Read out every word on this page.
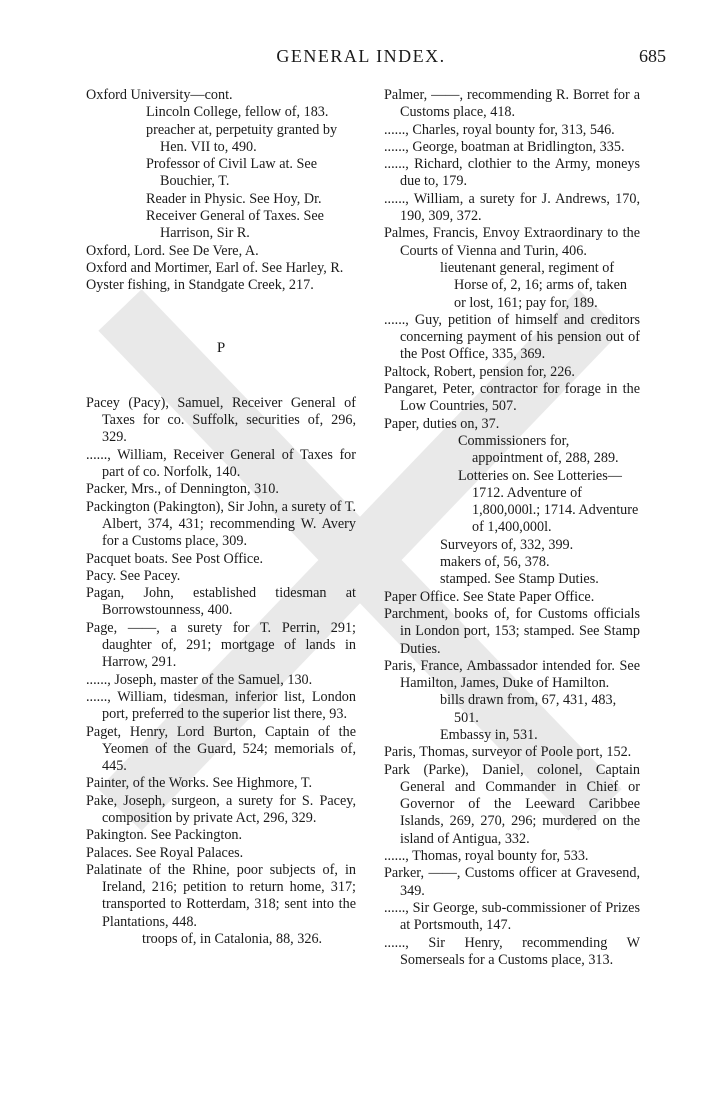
GENERAL INDEX.	685
Oxford University—cont.
Lincoln College, fellow of, 183.
preacher at, perpetuity granted by Hen. VII to, 490.
Professor of Civil Law at. See Bouchier, T.
Reader in Physic. See Hoy, Dr.
Receiver General of Taxes. See Harrison, Sir R.
Oxford, Lord. See De Vere, A.
Oxford and Mortimer, Earl of. See Harley, R.
Oyster fishing, in Standgate Creek, 217.
P
Pacey (Pacy), Samuel, Receiver General of Taxes for co. Suffolk, securities of, 296, 329.
......, William, Receiver General of Taxes for part of co. Norfolk, 140.
Packer, Mrs., of Dennington, 310.
Packington (Pakington), Sir John, a surety of T. Albert, 374, 431; recommending W. Avery for a Customs place, 309.
Pacquet boats. See Post Office.
Pacy. See Pacey.
Pagan, John, established tidesman at Borrowstounness, 400.
Page, ——, a surety for T. Perrin, 291; daughter of, 291; mortgage of lands in Harrow, 291.
......, Joseph, master of the Samuel, 130.
......, William, tidesman, inferior list, London port, preferred to the superior list there, 93.
Paget, Henry, Lord Burton, Captain of the Yeomen of the Guard, 524; memorials of, 445.
Painter, of the Works. See Highmore, T.
Pake, Joseph, surgeon, a surety for S. Pacey, composition by private Act, 296, 329.
Pakington. See Packington.
Palaces. See Royal Palaces.
Palatinate of the Rhine, poor subjects of, in Ireland, 216; petition to return home, 317; transported to Rotterdam, 318; sent into the Plantations, 448.
troops of, in Catalonia, 88, 326.
Palmer, ——, recommending R. Borret for a Customs place, 418.
......, Charles, royal bounty for, 313, 546.
......, George, boatman at Bridlington, 335.
......, Richard, clothier to the Army, moneys due to, 179.
......, William, a surety for J. Andrews, 170, 190, 309, 372.
Palmes, Francis, Envoy Extraordinary to the Courts of Vienna and Turin, 406.
lieutenant general, regiment of Horse of, 2, 16; arms of, taken or lost, 161; pay for, 189.
......, Guy, petition of himself and creditors concerning payment of his pension out of the Post Office, 335, 369.
Paltock, Robert, pension for, 226.
Pangaret, Peter, contractor for forage in the Low Countries, 507.
Paper, duties on, 37.
Commissioners for, appointment of, 288, 289.
Lotteries on. See Lotteries—1712. Adventure of 1,800,000l.; 1714. Adventure of 1,400,000l.
Surveyors of, 332, 399.
makers of, 56, 378.
stamped. See Stamp Duties.
Paper Office. See State Paper Office.
Parchment, books of, for Customs officials in London port, 153; stamped. See Stamp Duties.
Paris, France, Ambassador intended for. See Hamilton, James, Duke of Hamilton.
bills drawn from, 67, 431, 483, 501.
Embassy in, 531.
Paris, Thomas, surveyor of Poole port, 152.
Park (Parke), Daniel, colonel, Captain General and Commander in Chief or Governor of the Leeward Caribbee Islands, 269, 270, 296; murdered on the island of Antigua, 332.
......, Thomas, royal bounty for, 533.
Parker, ——, Customs officer at Gravesend, 349.
......, Sir George, sub-commissioner of Prizes at Portsmouth, 147.
......, Sir Henry, recommending W Somerseals for a Customs place, 313.
